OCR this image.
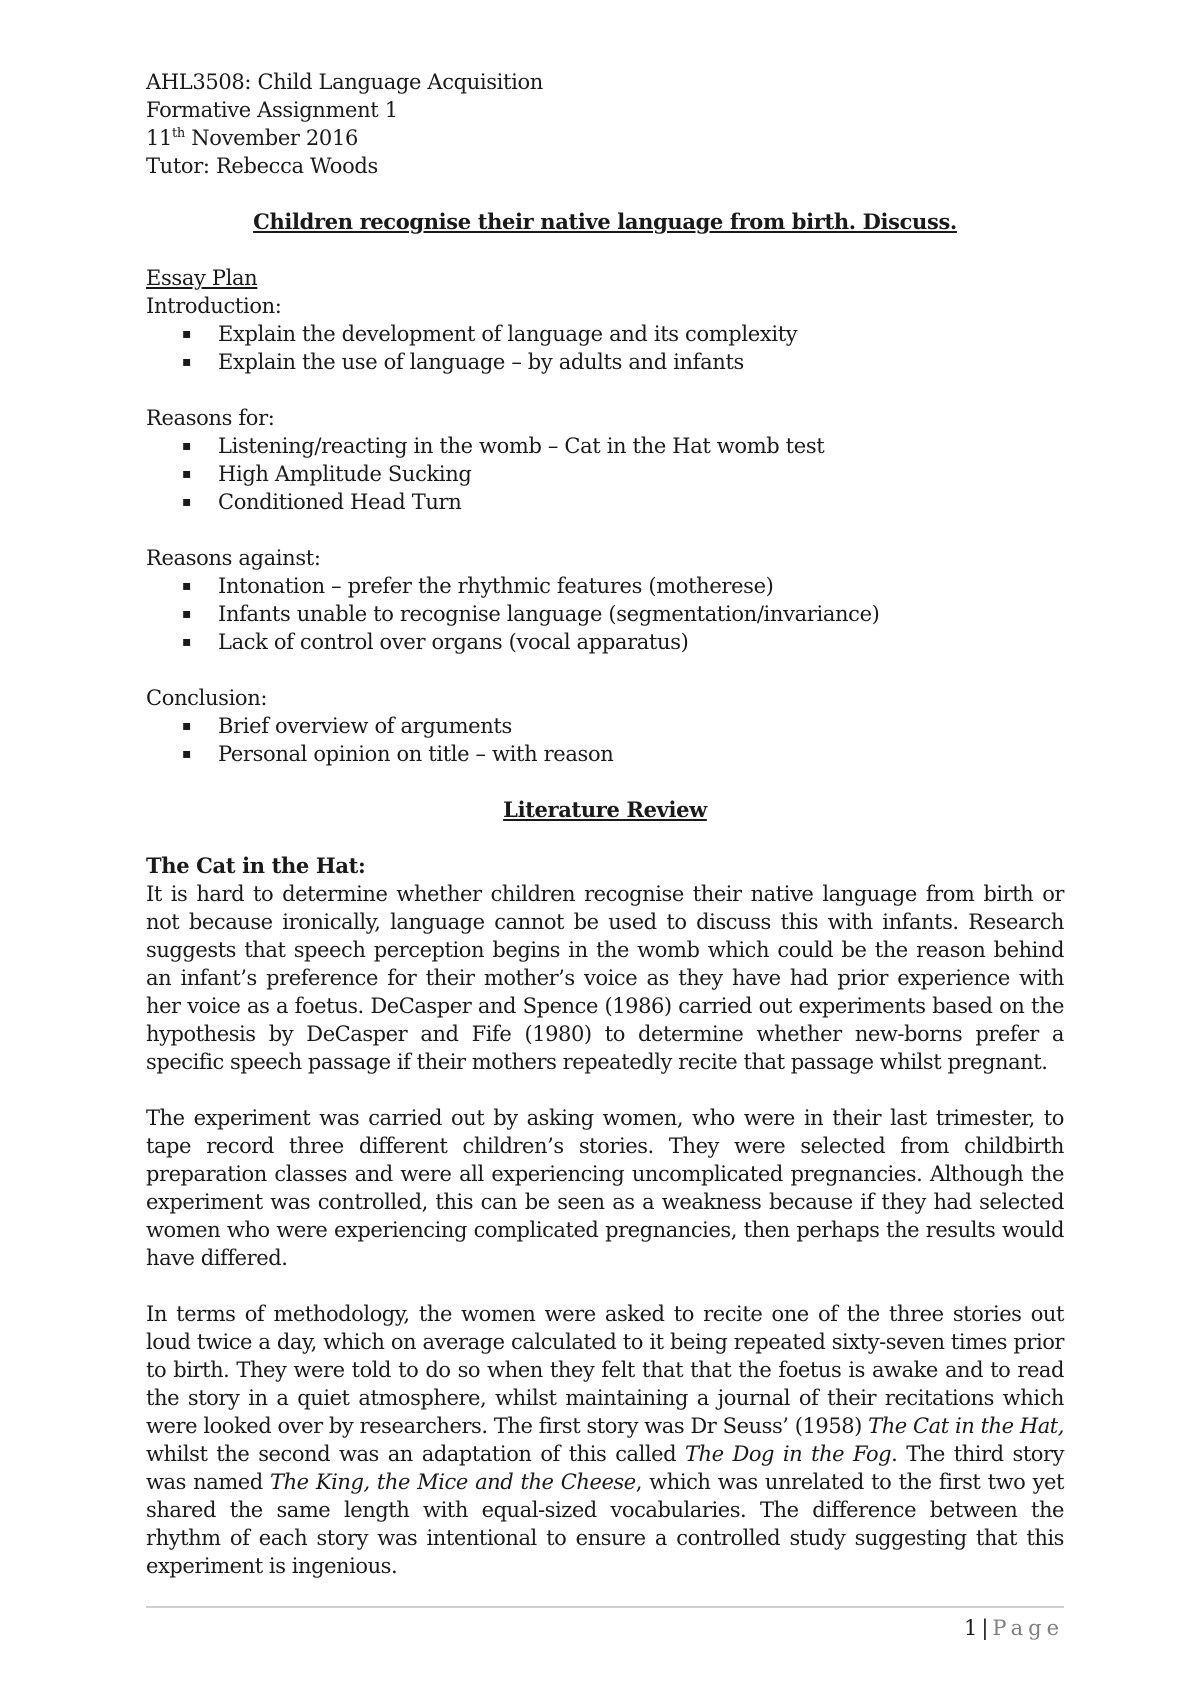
AHL3508: Child Language Acquisition

Formative Assignment 1

11th November 2016

Tutor: Rebecca Woods

Children recognise their native language from birth. Discuss.

Essay Plan

Introduction:

▪ Explain the development of language and its complexity
▪ Explain the use of language – by adults and infants

Reasons for:

▪ Listening/reacting in the womb – Cat in the Hat womb test
▪ High Amplitude Sucking
▪ Conditioned Head Turn

Reasons against:

▪ Intonation – prefer the rhythmic features (motherese)
▪ Infants unable to recognise language (segmentation/invariance)
▪ Lack of control over organs (vocal apparatus)

Conclusion:

▪ Brief overview of arguments
▪ Personal opinion on title – with reason

Literature Review

The Cat in the Hat:

It is hard to determine whether children recognise their native language from birth or not because ironically, language cannot be used to discuss this with infants. Research suggests that speech perception begins in the womb which could be the reason behind an infant’s preference for their mother’s voice as they have had prior experience with her voice as a foetus. DeCasper and Spence (1986) carried out experiments based on the hypothesis by DeCasper and Fife (1980) to determine whether new-borns prefer a specific speech passage if their mothers repeatedly recite that passage whilst pregnant.

The experiment was carried out by asking women, who were in their last trimester, to tape record three different children’s stories. They were selected from childbirth preparation classes and were all experiencing uncomplicated pregnancies. Although the experiment was controlled, this can be seen as a weakness because if they had selected women who were experiencing complicated pregnancies, then perhaps the results would have differed.

In terms of methodology, the women were asked to recite one of the three stories out loud twice a day, which on average calculated to it being repeated sixty-seven times prior to birth. They were told to do so when they felt that that the foetus is awake and to read the story in a quiet atmosphere, whilst maintaining a journal of their recitations which were looked over by researchers. The first story was Dr Seuss’ (1958) The Cat in the Hat, whilst the second was an adaptation of this called The Dog in the Fog. The third story was named The King, the Mice and the Cheese, which was unrelated to the first two yet shared the same length with equal-sized vocabularies. The difference between the rhythm of each story was intentional to ensure a controlled study suggesting that this experiment is ingenious.

1 | Page
